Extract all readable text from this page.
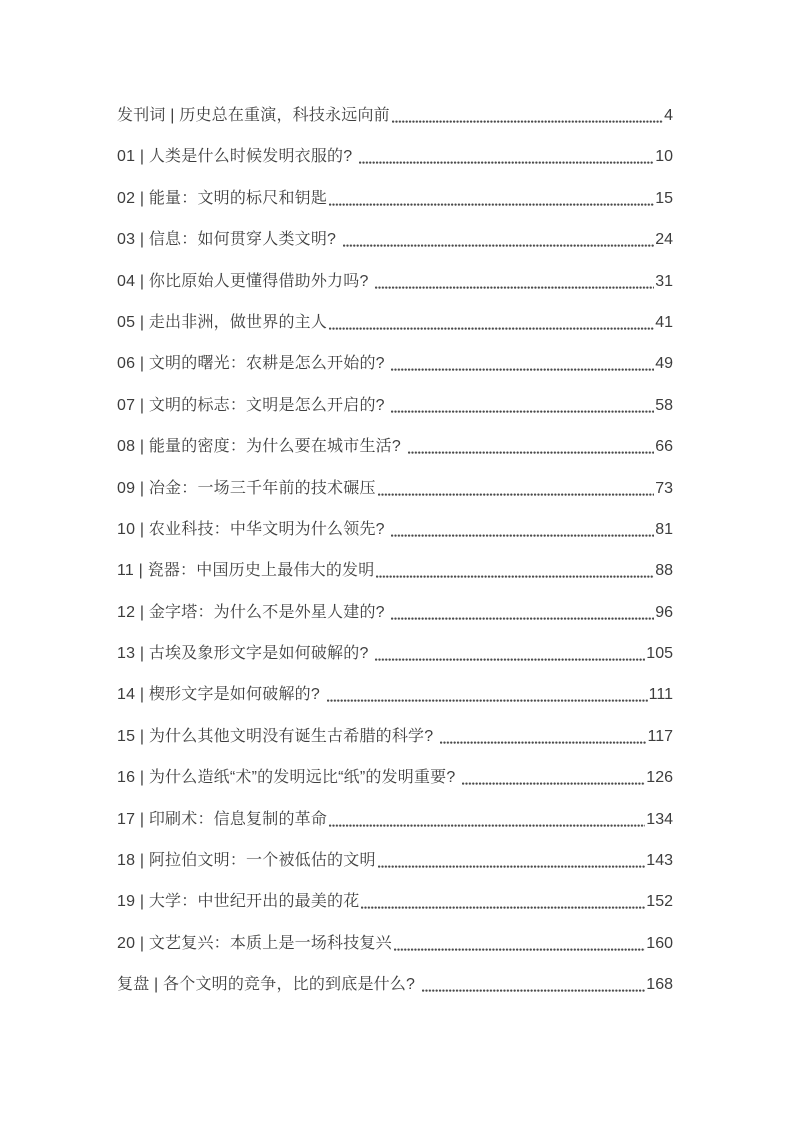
发刊词 | 历史总在重演，科技永远向前	4
01 | 人类是什么时候发明衣服的?	10
02 | 能量：文明的标尺和钥匙	15
03 | 信息：如何贯穿人类文明?	24
04 | 你比原始人更懂得借助外力吗?	31
05 | 走出非洲，做世界的主人	41
06 | 文明的曙光：农耕是怎么开始的?	49
07 | 文明的标志：文明是怎么开启的?	58
08 | 能量的密度：为什么要在城市生活?	66
09 | 冶金：一场三千年前的技术碾压	73
10 | 农业科技：中华文明为什么领先?	81
11 | 瓷器：中国历史上最伟大的发明	88
12 | 金字塔：为什么不是外星人建的?	96
13 | 古埃及象形文字是如何破解的?	105
14 | 楔形文字是如何破解的?	111
15 | 为什么其他文明没有诞生古希腊的科学?	117
16 | 为什么造纸“术”的发明远比“纸”的发明重要?	126
17 | 印刷术：信息复制的革命	134
18 | 阿拉伯文明：一个被低估的文明	143
19 | 大学：中世纪开出的最美的花	152
20 | 文艺复兴：本质上是一场科技复兴	160
复盘 | 各个文明的竞争，比的到底是什么?	168
